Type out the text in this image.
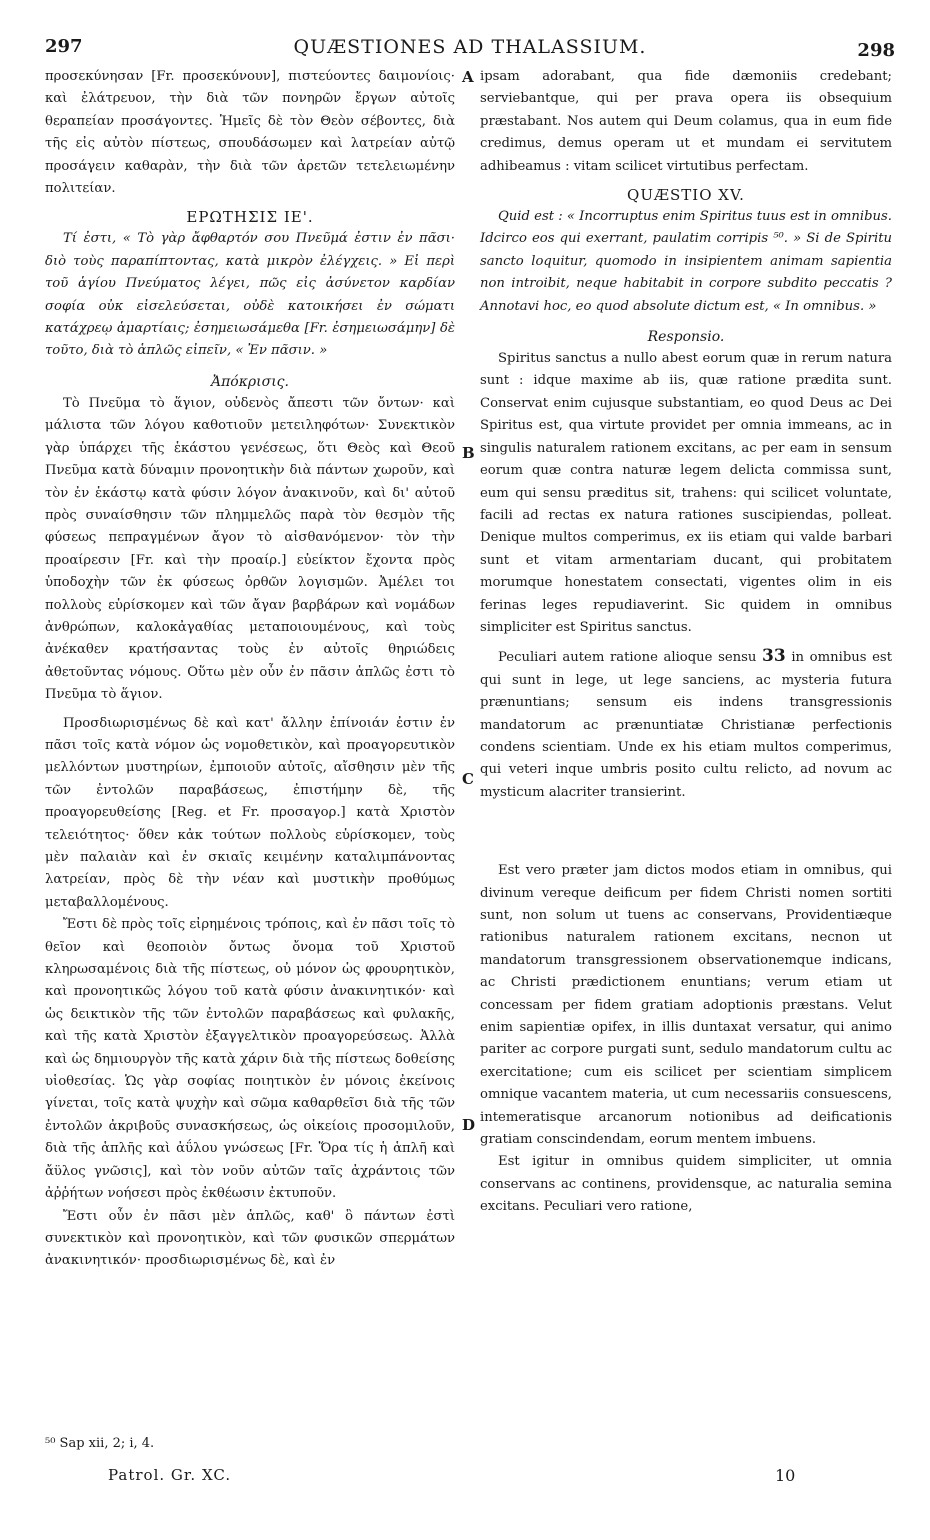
297	QUÆSTIONES AD THALASSIUM.	298

προσεκύνησαν [Fr. προσεκύνουν], πιστεύοντες δαιμονίοις· καὶ ἐλάτρευον, τὴν διὰ τῶν πονηρῶν ἔργων αὐτοῖς θεραπείαν προσάγοντες. Ἡμεῖς δὲ τὸν Θεὸν σέβοντες, διὰ τῆς εἰς αὐτὸν πίστεως, σπουδάσωμεν καὶ λατρείαν αὐτῷ προσάγειν καθαρὰν, τὴν διὰ τῶν ἀρετῶν τετελειωμένην πολιτείαν.

ΕΡΩΤΗΣΙΣ ΙΕ'.

Τί ἐστι, « Τὸ γὰρ ἄφθαρτόν σου Πνεῦμά ἐστιν ἐν πᾶσι· διὸ τοὺς παραπίπτοντας, κατὰ μικρὸν ἐλέγχεις. » Εἰ περὶ τοῦ ἁγίου Πνεύματος λέγει, πῶς εἰς ἀσύνετον καρδίαν σοφία οὐκ εἰσελεύσεται, οὐδὲ κατοικήσει ἐν σώματι κατάχρεῳ ἁμαρτίαις; ἐσημειωσάμεθα [Fr. ἐσημειωσάμην] δὲ τοῦτο, διὰ τὸ ἁπλῶς εἰπεῖν, « Ἐν πᾶσιν. »

Ἀπόκρισις.

Τὸ Πνεῦμα τὸ ἅγιον, οὐδενὸς ἄπεστι τῶν ὄντων· καὶ μάλιστα τῶν λόγου καθοτιοῦν μετειληφότων· Συνεκτικὸν γὰρ ὑπάρχει τῆς ἑκάστου γενέσεως, ὅτι Θεὸς καὶ Θεοῦ Πνεῦμα κατὰ δύναμιν προνοητικὴν διὰ πάντων χωροῦν, καὶ τὸν ἐν ἑκάστῳ κατὰ φύσιν λόγον ἀνακινοῦν, καὶ δι' αὐτοῦ πρὸς συναίσθησιν τῶν πλημμελῶς παρὰ τὸν θεσμὸν τῆς φύσεως πεπραγμένων ἄγον τὸ αἰσθανόμενον· τὸν τὴν προαίρεσιν [Fr. καὶ τὴν προαίρ.] εὐείκτον ἔχοντα πρὸς ὑποδοχὴν τῶν ἐκ φύσεως ὀρθῶν λογισμῶν. Ἀμέλει τοι πολλοὺς εὑρίσκομεν καὶ τῶν ἄγαν βαρβάρων καὶ νομάδων ἀνθρώπων, καλοκἀγαθίας μεταποιουμένους, καὶ τοὺς ἀνέκαθεν κρατήσαντας τοὺς ἐν αὐτοῖς θηριώδεις ἀθετοῦντας νόμους. Οὕτω μὲν οὖν ἐν πᾶσιν ἁπλῶς ἐστι τὸ Πνεῦμα τὸ ἅγιον.

Προσδιωρισμένως δὲ καὶ κατ' ἄλλην ἐπίνοιάν ἐστιν ἐν πᾶσι τοῖς κατὰ νόμον ὡς νομοθετικὸν, καὶ προαγορευτικὸν μελλόντων μυστηρίων, ἐμποιοῦν αὐτοῖς, αἴσθησιν μὲν τῆς τῶν ἐντολῶν παραβάσεως, ἐπιστήμην δὲ, τῆς προαγορευθείσης [Reg. et Fr. προσαγορ.] κατὰ Χριστὸν τελειότητος· ὅθεν κἀκ τούτων πολλοὺς εὑρίσκομεν, τοὺς μὲν παλαιὰν καὶ ἐν σκιαῖς κειμένην καταλιμπάνοντας λατρείαν, πρὸς δὲ τὴν νέαν καὶ μυστικὴν προθύμως μεταβαλλομένους.

Ἔστι δὲ πρὸς τοῖς εἰρημένοις τρόποις, καὶ ἐν πᾶσι τοῖς τὸ θεῖον καὶ θεοποιὸν ὄντως ὄνομα τοῦ Χριστοῦ κληρωσαμένοις διὰ τῆς πίστεως, οὐ μόνον ὡς φρουρητικὸν, καὶ προνοητικῶς λόγου τοῦ κατὰ φύσιν ἀνακινητικόν· καὶ ὡς δεικτικὸν τῆς τῶν ἐντολῶν παραβάσεως καὶ φυλακῆς, καὶ τῆς κατὰ Χριστὸν ἐξαγγελτικὸν προαγορεύσεως. Ἀλλὰ καὶ ὡς δημιουργὸν τῆς κατὰ χάριν διὰ τῆς πίστεως δοθείσης υἱοθεσίας. Ὡς γὰρ σοφίας ποιητικὸν ἐν μόνοις ἐκείνοις γίνεται, τοῖς κατὰ ψυχὴν καὶ σῶμα καθαρθεῖσι διὰ τῆς τῶν ἐντολῶν ἀκριβοῦς συνασκήσεως, ὡς οἰκείοις προσομιλοῦν, διὰ τῆς ἁπλῆς καὶ ἀΰλου γνώσεως [Fr. Ὅρα τίς ἡ ἁπλῆ καὶ ἄϋλος γνῶσις], καὶ τὸν νοῦν αὐτῶν ταῖς ἀχράντοις τῶν ἀῤῥήτων νοήσεσι πρὸς ἐκθέωσιν ἐκτυποῦν.

Ἔστι οὖν ἐν πᾶσι μὲν ἁπλῶς, καθ' ὃ πάντων ἐστὶ συνεκτικὸν καὶ προνοητικὸν, καὶ τῶν φυσικῶν σπερμάτων ἀνακινητικόν· προσδιωρισμένως δὲ, καὶ ἐν

A
B
C
D

ipsam adorabant, qua fide dæmoniis credebant; serviebantque, qui per prava opera iis obsequium præstabant. Nos autem qui Deum colamus, qua in eum fide credimus, demus operam ut et mundam ei servitutem adhibeamus : vitam scilicet virtutibus perfectam.

QUÆSTIO XV.

Quid est : « Incorruptus enim Spiritus tuus est in omnibus. Idcirco eos qui exerrant, paulatim corripis ⁵⁰. » Si de Spiritu sancto loquitur, quomodo in insipientem animam sapientia non introibit, neque habitabit in corpore subdito peccatis ? Annotavi hoc, eo quod absolute dictum est, « In omnibus. »

Responsio.

Spiritus sanctus a nullo abest eorum quæ in rerum natura sunt : idque maxime ab iis, quæ ratione prædita sunt. Conservat enim cujusque substantiam, eo quod Deus ac Dei Spiritus est, qua virtute providet per omnia immeans, ac in singulis naturalem rationem excitans, ac per eam in sensum eorum quæ contra naturæ legem delicta commissa sunt, eum qui sensu præditus sit, trahens: qui scilicet voluntate, facili ad rectas ex natura rationes suscipiendas, polleat. Denique multos comperimus, ex iis etiam qui valde barbari sunt et vitam armentariam ducant, qui probitatem morumque honestatem consectati, vigentes olim in eis ferinas leges repudiaverint. Sic quidem in omnibus simpliciter est Spiritus sanctus.

Peculiari autem ratione alioque sensu 33 in omnibus est qui sunt in lege, ut lege sanciens, ac mysteria futura prænuntians; sensum eis indens transgressionis mandatorum ac prænuntiatæ Christianæ perfectionis condens scientiam. Unde ex his etiam multos comperimus, qui veteri inque umbris posito cultu relicto, ad novum ac mysticum alacriter transierint.

Est vero præter jam dictos modos etiam in omnibus, qui divinum vereque deificum per fidem Christi nomen sortiti sunt, non solum ut tuens ac conservans, Providentiæque rationibus naturalem rationem excitans, necnon ut mandatorum transgressionem observationemque indicans, ac Christi prædictionem enuntians; verum etiam ut concessam per fidem gratiam adoptionis præstans. Velut enim sapientiæ opifex, in illis duntaxat versatur, qui animo pariter ac corpore purgati sunt, sedulo mandatorum cultu ac exercitatione; cum eis scilicet per scientiam simplicem omnique vacantem materia, ut cum necessariis consuescens, intemeratisque arcanorum notionibus ad deificationis gratiam conscindendam, eorum mentem imbuens.

Est igitur in omnibus quidem simpliciter, ut omnia conservans ac continens, providensque, ac naturalia semina excitans. Peculiari vero ratione,

⁵⁰ Sap xii, 2; i, 4.
Patrol. Gr. XC.	10
